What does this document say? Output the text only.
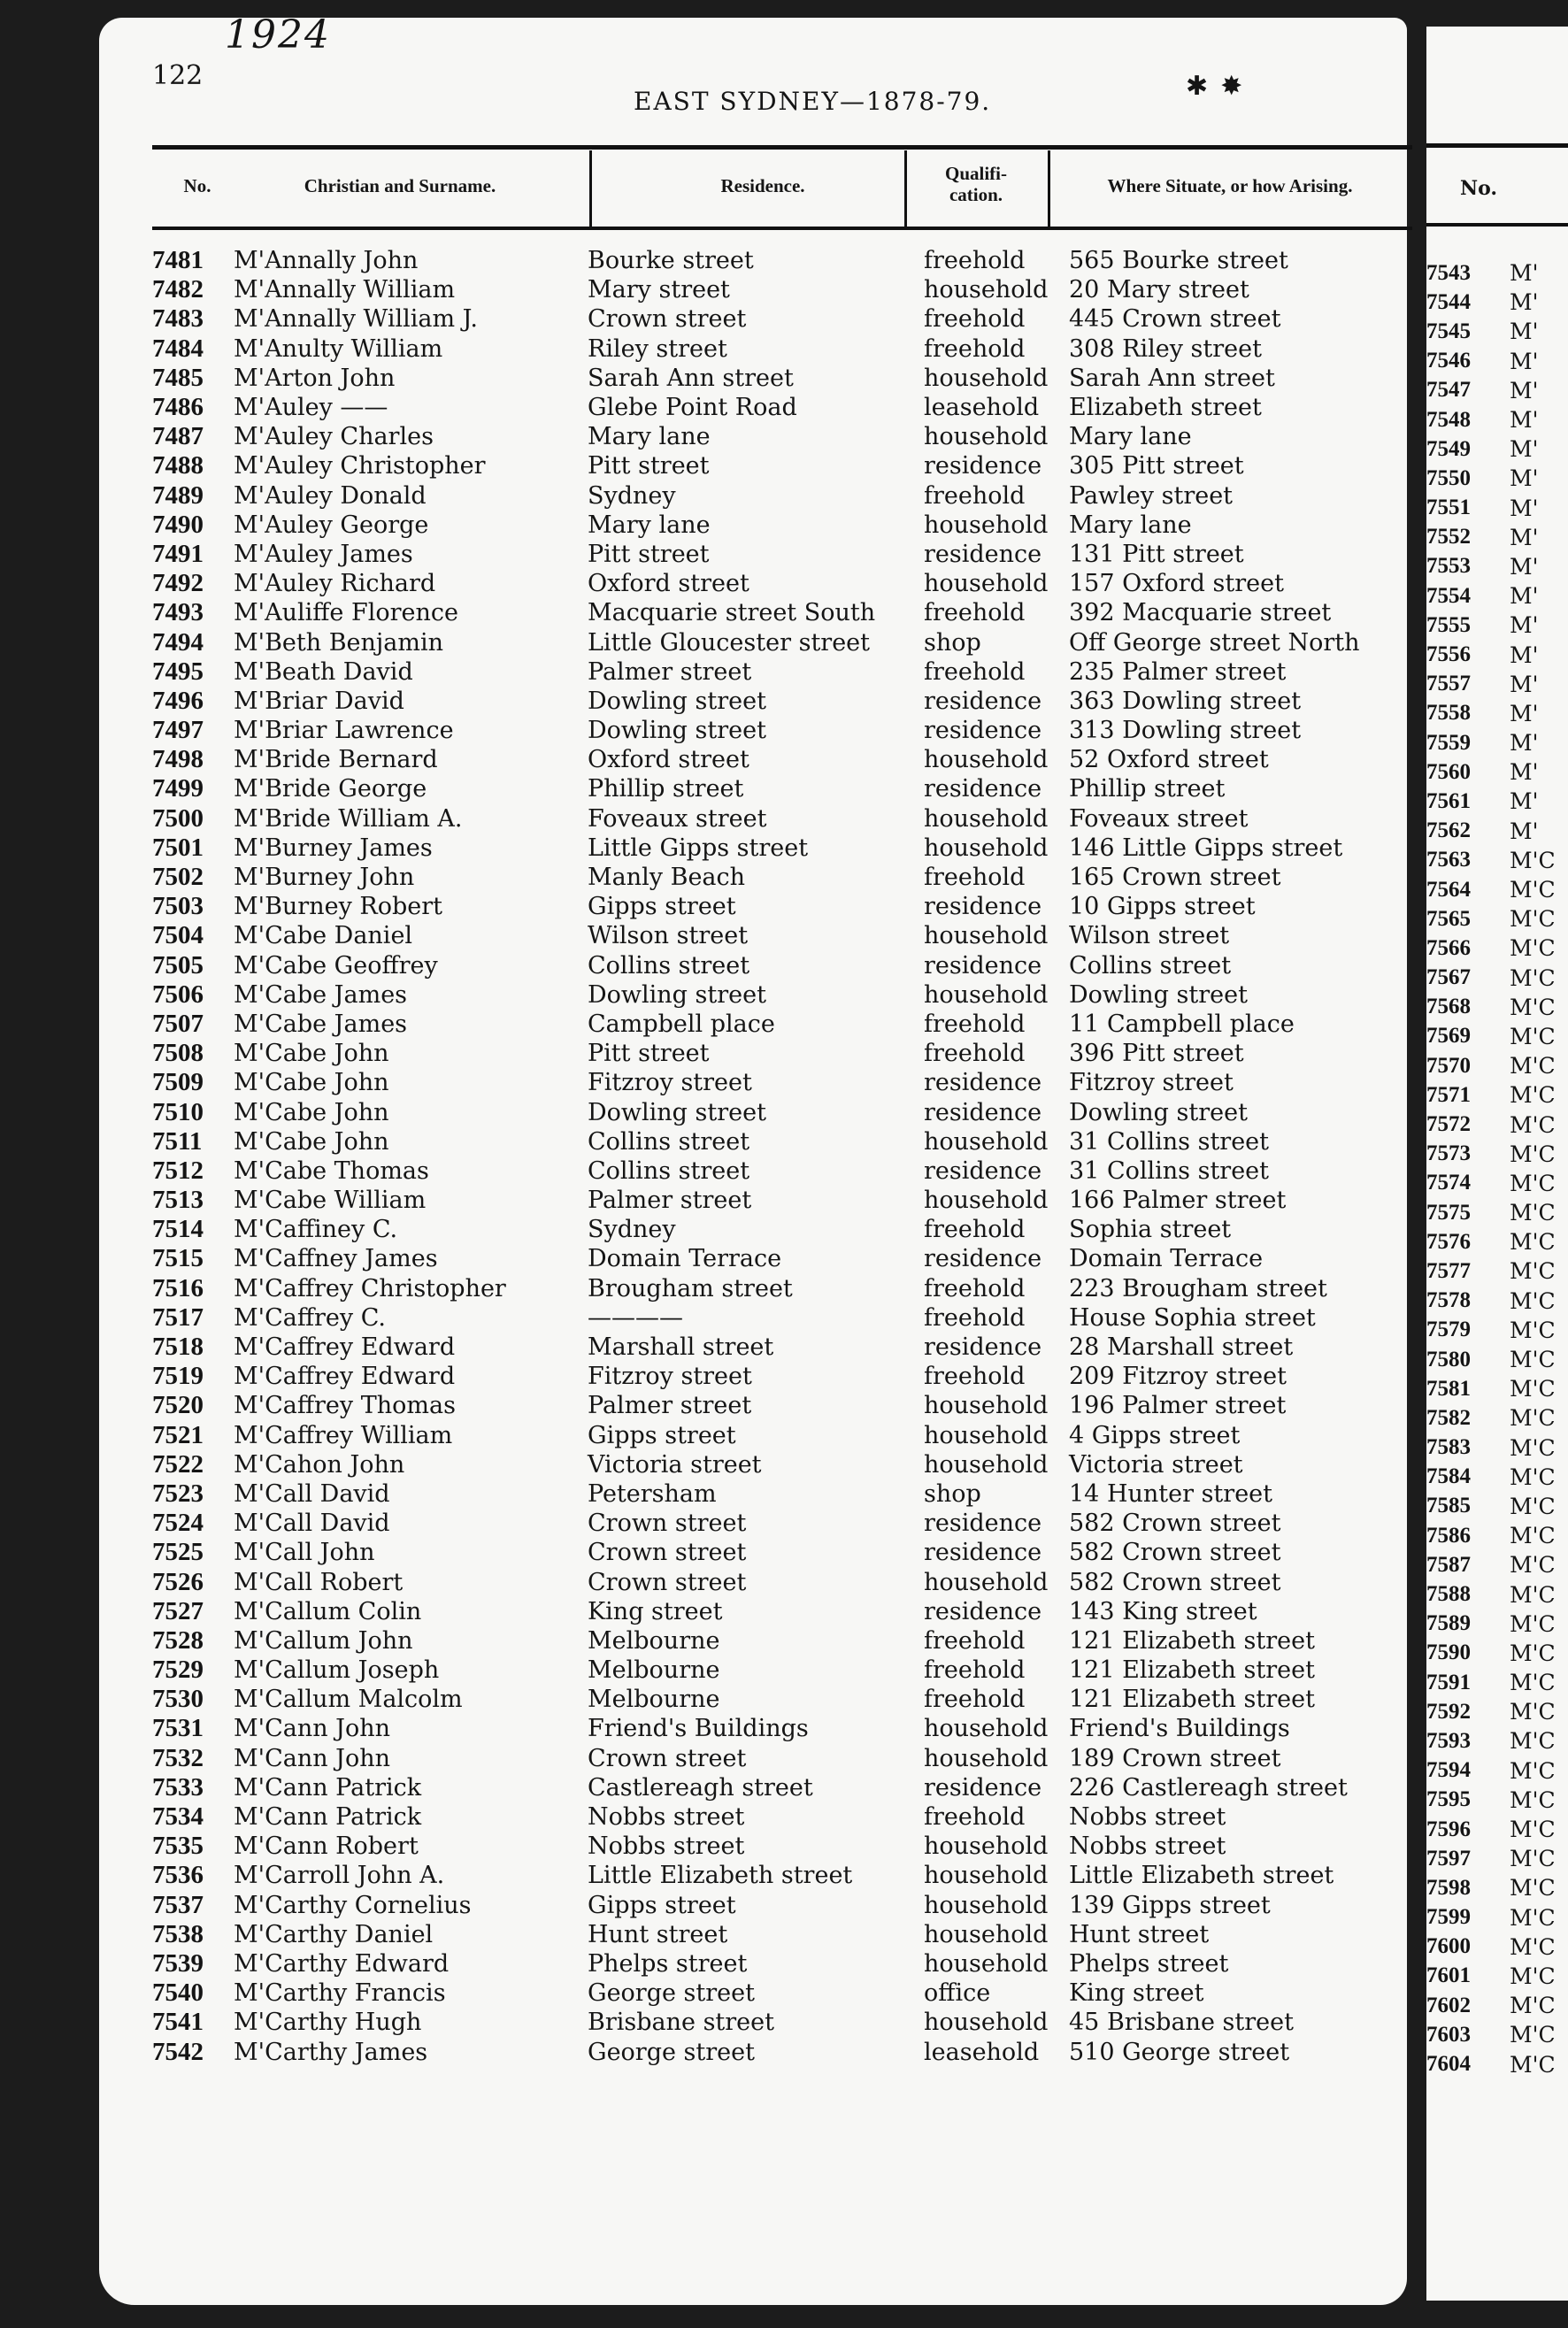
1924
122
EAST SYDNEY—1878-79.	✱✸
No.	Christian and Surname.	Residence.
Qualifi-
cation.	Where Situate, or how Arising.
7481	M'Annally John	Bourke street	freehold	565 Bourke street
7482	M'Annally William	Mary street	household 20 Mary street
7483	M'Annally William J.	Crown street	freehold	445 Crown street
7484	M'Anulty William	Riley street	freehold	308 Riley street
7485	M'Arton John	Sarah Ann street	household Sarah Ann street
7486	M'Auley ——	Glebe Point Road	leasehold	Elizabeth street
7487	M'Auley Charles	Mary lane	household Mary lane
7488	M'Auley Christopher	Pitt street	residence	305 Pitt street
7489	M'Auley Donald	Sydney	freehold	Pawley street
7490	M'Auley George	Mary lane	household Mary lane
7491	M'Auley James	Pitt street	residence	131 Pitt street
7492	M'Auley Richard	Oxford street	household 157 Oxford street
7493	M'Auliffe Florence	Macquarie street South	freehold	392 Macquarie street
7494	M'Beth Benjamin	Little Gloucester street	shop	Off George street North
7495	M'Beath David	Palmer street	freehold	235 Palmer street
7496	M'Briar David	Dowling street	residence	363 Dowling street
7497	M'Briar Lawrence	Dowling street	residence	313 Dowling street
7498	M'Bride Bernard	Oxford street	household 52 Oxford street
7499	M'Bride George	Phillip street	residence	Phillip street
7500	M'Bride William A.	Foveaux street	household Foveaux street
7501	M'Burney James	Little Gipps street	household 146 Little Gipps street
7502	M'Burney John	Manly Beach	freehold	165 Crown street
7503	M'Burney Robert	Gipps street	residence	10 Gipps street
7504	M'Cabe Daniel	Wilson street	household Wilson street
7505	M'Cabe Geoffrey	Collins street	residence	Collins street
7506	M'Cabe James	Dowling street	household Dowling street
7507	M'Cabe James	Campbell place	freehold	11 Campbell place
7508	M'Cabe John	Pitt street	freehold	396 Pitt street
7509	M'Cabe John	Fitzroy street	residence	Fitzroy street
7510	M'Cabe John	Dowling street	residence	Dowling street
7511	M'Cabe John	Collins street	household 31 Collins street
7512	M'Cabe Thomas	Collins street	residence	31 Collins street
7513	M'Cabe William	Palmer street	household 166 Palmer street
7514	M'Caffiney C.	Sydney	freehold	Sophia street
7515	M'Caffney James	Domain Terrace	residence	Domain Terrace
7516	M'Caffrey Christopher	Brougham street	freehold	223 Brougham street
7517	M'Caffrey C.	————	freehold	House Sophia street
7518	M'Caffrey Edward	Marshall street	residence	28 Marshall street
7519	M'Caffrey Edward	Fitzroy street	freehold	209 Fitzroy street
7520	M'Caffrey Thomas	Palmer street	household 196 Palmer street
7521	M'Caffrey William	Gipps street	household 4 Gipps street
7522	M'Cahon John	Victoria street	household Victoria street
7523	M'Call David	Petersham	shop	14 Hunter street
7524	M'Call David	Crown street	residence	582 Crown street
7525	M'Call John	Crown street	residence	582 Crown street
7526	M'Call Robert	Crown street	household 582 Crown street
7527	M'Callum Colin	King street	residence	143 King street
7528	M'Callum John	Melbourne	freehold	121 Elizabeth street
7529	M'Callum Joseph	Melbourne	freehold	121 Elizabeth street
7530	M'Callum Malcolm	Melbourne	freehold	121 Elizabeth street
7531	M'Cann John	Friend's Buildings	household Friend's Buildings
7532	M'Cann John	Crown street	household 189 Crown street
7533	M'Cann Patrick	Castlereagh street	residence	226 Castlereagh street
7534	M'Cann Patrick	Nobbs street	freehold	Nobbs street
7535	M'Cann Robert	Nobbs street	household Nobbs street
7536	M'Carroll John A.	Little Elizabeth street	household Little Elizabeth street
7537	M'Carthy Cornelius	Gipps street	household 139 Gipps street
7538	M'Carthy Daniel	Hunt street	household Hunt street
7539	M'Carthy Edward	Phelps street	household Phelps street
7540	M'Carthy Francis	George street	office	King street
7541	M'Carthy Hugh	Brisbane street	household 45 Brisbane street
7542	M'Carthy James	George street	leasehold	510 George street
No.
7543	M'
7544	M'
7545	M'
7546	M'
7547	M'
7548	M'
7549	M'
7550	M'
7551	M'
7552	M'
7553	M'
7554	M'
7555	M'
7556	M'
7557	M'
7558	M'
7559	M'
7560	M'
7561	M'
7562	M'
7563	M'C
7564	M'C
7565	M'C
7566	M'C
7567	M'C
7568	M'C
7569	M'C
7570	M'C
7571	M'C
7572	M'C
7573	M'C
7574	M'C
7575	M'C
7576	M'C
7577	M'C
7578	M'C
7579	M'C
7580	M'C
7581	M'C
7582	M'C
7583	M'C
7584	M'C
7585	M'C
7586	M'C
7587	M'C
7588	M'C
7589	M'C
7590	M'C
7591	M'C
7592	M'C
7593	M'C
7594	M'C
7595	M'C
7596	M'C
7597	M'C
7598	M'C
7599	M'C
7600	M'C
7601	M'C
7602	M'C
7603	M'C
7604	M'C
